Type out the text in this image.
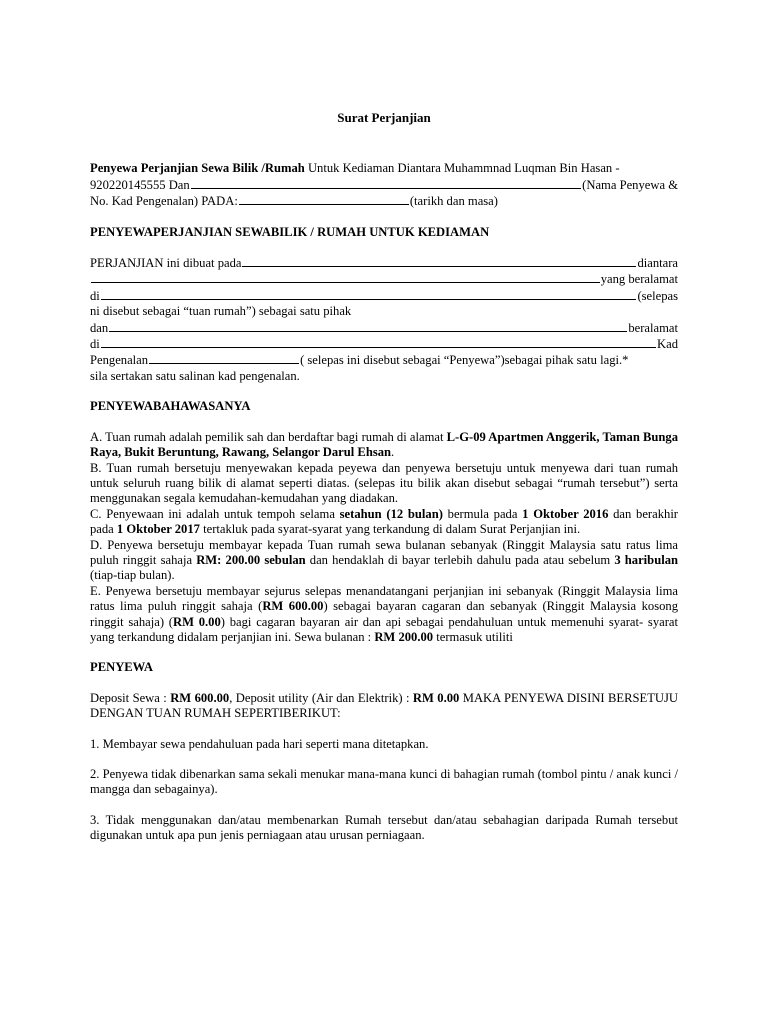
Surat Perjanjian

Penyewa Perjanjian Sewa Bilik /Rumah Untuk Kediaman Diantara Muhammnad Luqman Bin Hasan -

920220145555 Dan	(Nama Penyewa &

No. Kad Pengenalan) PADA:	(tarikh dan masa)

PENYEWAPERJANJIAN SEWABILIK / RUMAH UNTUK KEDIAMAN

PERJANJIAN ini dibuat pada	diantara

yang beralamat

di	(selepas

ni disebut sebagai “tuan rumah”) sebagai satu pihak

dan	beralamat

di	Kad

Pengenalan	( selepas ini disebut sebagai “Penyewa”)sebagai pihak satu lagi.*

sila sertakan satu salinan kad pengenalan.

PENYEWABAHAWASANYA

A. Tuan rumah adalah pemilik sah dan berdaftar bagi rumah di alamat L-G-09 Apartmen Anggerik, Taman Bunga Raya, Bukit Beruntung, Rawang, Selangor Darul Ehsan.

B. Tuan rumah bersetuju menyewakan kepada peyewa dan penyewa bersetuju untuk menyewa dari tuan rumah untuk seluruh ruang bilik di alamat seperti diatas. (selepas itu bilik akan disebut sebagai “rumah tersebut”) serta menggunakan segala kemudahan-kemudahan yang diadakan.

C. Penyewaan ini adalah untuk tempoh selama setahun (12 bulan) bermula pada 1 Oktober 2016 dan berakhir pada 1 Oktober 2017 tertakluk pada syarat-syarat yang terkandung di dalam Surat Perjanjian ini.

D. Penyewa bersetuju membayar kepada Tuan rumah sewa bulanan sebanyak (Ringgit Malaysia satu ratus lima puluh ringgit sahaja RM: 200.00 sebulan dan hendaklah di bayar terlebih dahulu pada atau sebelum 3 haribulan (tiap-tiap bulan).

E. Penyewa bersetuju membayar sejurus selepas menandatangani perjanjian ini sebanyak (Ringgit Malaysia lima ratus lima puluh ringgit sahaja (RM 600.00) sebagai bayaran cagaran dan sebanyak (Ringgit Malaysia kosong ringgit sahaja) (RM 0.00) bagi cagaran bayaran air dan api sebagai pendahuluan untuk memenuhi syarat- syarat yang terkandung didalam perjanjian ini. Sewa bulanan : RM 200.00 termasuk utiliti

PENYEWA

Deposit Sewa : RM 600.00, Deposit utility (Air dan Elektrik) : RM 0.00 MAKA PENYEWA DISINI BERSETUJU DENGAN TUAN RUMAH SEPERTIBERIKUT:

1. Membayar sewa pendahuluan pada hari seperti mana ditetapkan.

2. Penyewa tidak dibenarkan sama sekali menukar mana-mana kunci di bahagian rumah (tombol pintu / anak kunci / mangga dan sebagainya).

3. Tidak menggunakan dan/atau membenarkan Rumah tersebut dan/atau sebahagian daripada Rumah tersebut digunakan untuk apa pun jenis perniagaan atau urusan perniagaan.
